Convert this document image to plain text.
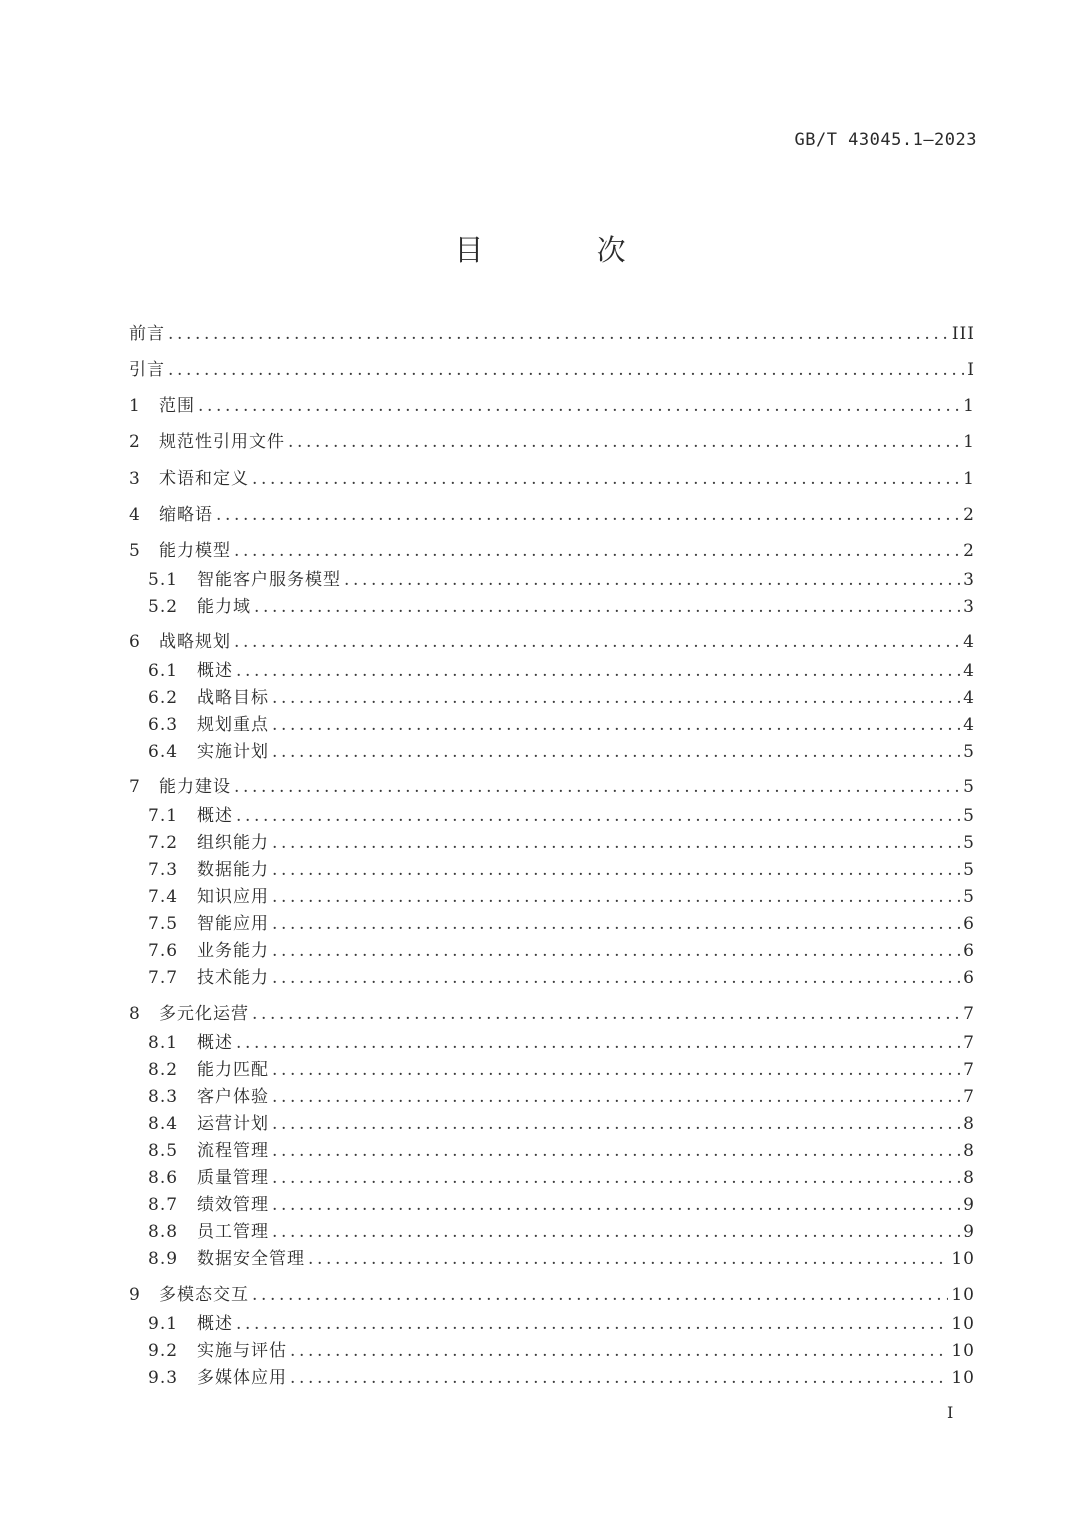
GB/T 43045.1—2023
目 次
前言 .....	III
引言 .....	I
1	范围 .....	1
2	规范性引用文件 .....	1
3	术语和定义 .....	1
4	缩略语 .....	2
5	能力模型 .....	2
5.1	智能客户服务模型 .....	3
5.2	能力域 .....	3
6	战略规划 .....	4
6.1	概述 .....	4
6.2	战略目标 .....	4
6.3	规划重点 .....	4
6.4	实施计划 .....	5
7	能力建设 .....	5
7.1	概述 .....	5
7.2	组织能力 .....	5
7.3	数据能力 .....	5
7.4	知识应用 .....	5
7.5	智能应用 .....	6
7.6	业务能力 .....	6
7.7	技术能力 .....	6
8	多元化运营 .....	7
8.1	概述 .....	7
8.2	能力匹配 .....	7
8.3	客户体验 .....	7
8.4	运营计划 .....	8
8.5	流程管理 .....	8
8.6	质量管理 .....	8
8.7	绩效管理 .....	9
8.8	员工管理 .....	9
8.9	数据安全管理 .....	10
9	多模态交互 .....	10
9.1	概述 .....	10
9.2	实施与评估 .....	10
9.3	多媒体应用 .....	10
I
